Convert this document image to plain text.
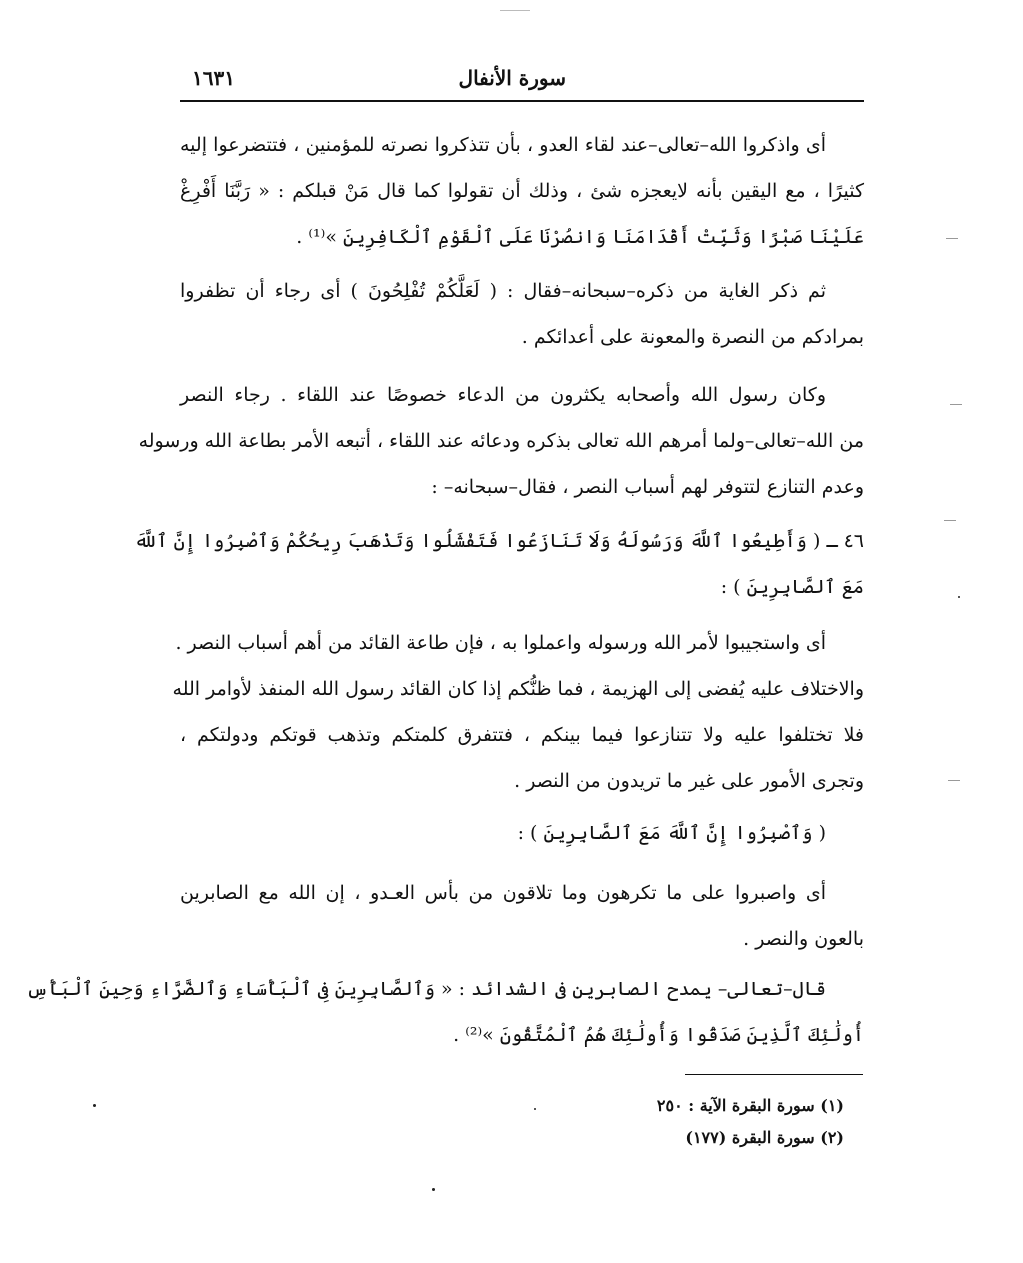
سورة الأنفال
١٦٣١
أى واذكروا الله–تعالى–عند لقاء العدو ، بأن تتذكروا نصرته للمؤمنين ، فتتضرعوا إليه
كثيرًا ، مع اليقين بأنه لايعجزه شئ ، وذلك أن تقولوا كما قال مَنْ قبلكم : « رَبَّنَا أَفْرِغْ
عَلَيْنَا صَبْرًا وَثَبِّتْ أَقْدَامَنَا وَانصُرْنَا عَلَى ٱلْقَوْمِ ٱلْكَافِرِينَ »⁽¹⁾ .
ثم ذكر الغاية من ذكره–سبحانه–فقال : ( لَعَلَّكُمْ تُفْلِحُونَ ) أى رجاء أن تظفروا
بمرادكم من النصرة والمعونة على أعدائكم .
وكان رسول الله وأصحابه يكثرون من الدعاء خصوصًا عند اللقاء . رجاء النصر
من الله–تعالى–ولما أمرهم الله تعالى بذكره ودعائه عند اللقاء ، أتبعه الأمر بطاعة الله ورسوله
وعدم التنازع لتتوفر لهم أسباب النصر ، فقال–سبحانه– :
٤٦ ـ ( وَأَطِيعُوا ٱللَّهَ وَرَسُولَهُ وَلَا تَنَازَعُوا فَتَفْشَلُوا وَتَذْهَبَ رِيحُكُمْ وَٱصْبِرُوا إِنَّ ٱللَّهَ
مَعَ ٱلصَّابِرِينَ ) :
أى واستجيبوا لأمر الله ورسوله واعملوا به ، فإن طاعة القائد من أهم أسباب النصر .
والاختلاف عليه يُفضى إلى الهزيمة ، فما ظنُّكم إذا كان القائد رسول الله المنفذ لأوامر الله
فلا تختلفوا عليه ولا تتنازعوا فيما بينكم ، فتتفرق كلمتكم وتذهب قوتكم ودولتكم ،
وتجرى الأمور على غير ما تريدون من النصر .
( وَٱصْبِرُوا إِنَّ ٱللَّهَ مَعَ ٱلصَّابِرِينَ ) :
أى واصبروا على ما تكرهون وما تلاقون من بأس العـدو ، إن الله مع الصابرين
بالعون والنصر .
قال–تعالى– يمدح الصابرين فى الشدائد : « وَٱلصَّابِرِينَ فِى ٱلْبَأْسَاءِ وَٱلضَّرَّاءِ وَحِينَ ٱلْبَأْسِ
أُولَٰئِكَ ٱلَّذِينَ صَدَقُوا وَأُولَٰئِكَ هُمُ ٱلْمُتَّقُونَ »⁽²⁾ .
(١) سورة البقرة الآية : ٢٥٠
(٢) سورة البقرة (١٧٧)
